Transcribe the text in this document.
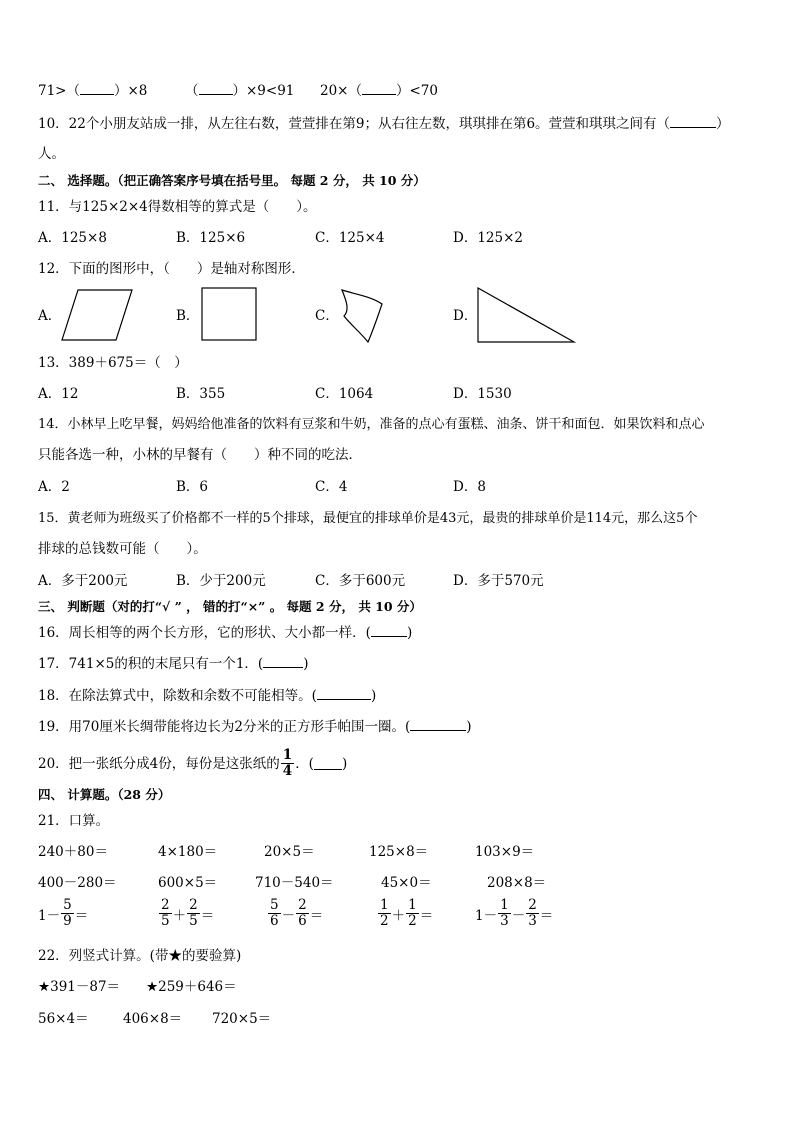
71>（	）×8	（	）×9<91 20×（	）<70
10．22个小朋友站成一排，从左往右数，萱萱排在第9；从右往左数，琪琪排在第6。萱萱和琪琪之间有（	）
人。
二、 选择题。（把正确答案序号填在括号里。 每题 2 分， 共 10 分）
11．与125×2×4得数相等的算式是（　　）。
A．125×8	B．125×6	C．125×4	D．125×2
12．下面的图形中，（　　）是轴对称图形．
A．	B．	C．	D．
13．389＋675＝（　）
A．12	B．355	C．1064	D．1530
14．小林早上吃早餐，妈妈给他准备的饮料有豆浆和牛奶，准备的点心有蛋糕、油条、饼干和面包．如果饮料和点心
只能各选一种，小林的早餐有（　　）种不同的吃法．
A．2	B．6	C．4	D．8
15．黄老师为班级买了价格都不一样的5个排球，最便宜的排球单价是43元，最贵的排球单价是114元，那么这5个
排球的总钱数可能（　　）。
A．多于200元	B．少于200元	C．多于600元	D．多于570元
三、 判断题（对的打“√ ” ， 错的打“×” 。 每题 2 分， 共 10 分）
16．周长相等的两个长方形，它的形状、大小都一样．(	)
17．741×5的积的末尾只有一个1．(	)
18．在除法算式中，除数和余数不可能相等。(	)
19．用70厘米长绸带能将边长为2分米的正方形手帕围一圈。(	)
20．把一张纸分成4份，每份是这张纸的 $\frac{1}{4}$ ．( )
四、 计算题。（28 分）
21．口算。
240＋80＝	4×180＝	20×5＝	125×8＝	103×9＝
400－280＝	600×5＝	710－540＝	45×0＝	208×8＝
$1- \frac{5}{9}$ ＝	$\frac{2}{5} + \frac{2}{5}$ ＝	$\frac{5}{6} - \frac{2}{6}$ ＝	$\frac{1}{2} + \frac{1}{2}$ ＝	$1- \frac{1}{3} - \frac{2}{3}$ ＝
22．列竖式计算。(带★的要验算)
★391－87＝ ★259＋646＝
56×4＝	406×8＝ 720×5＝
